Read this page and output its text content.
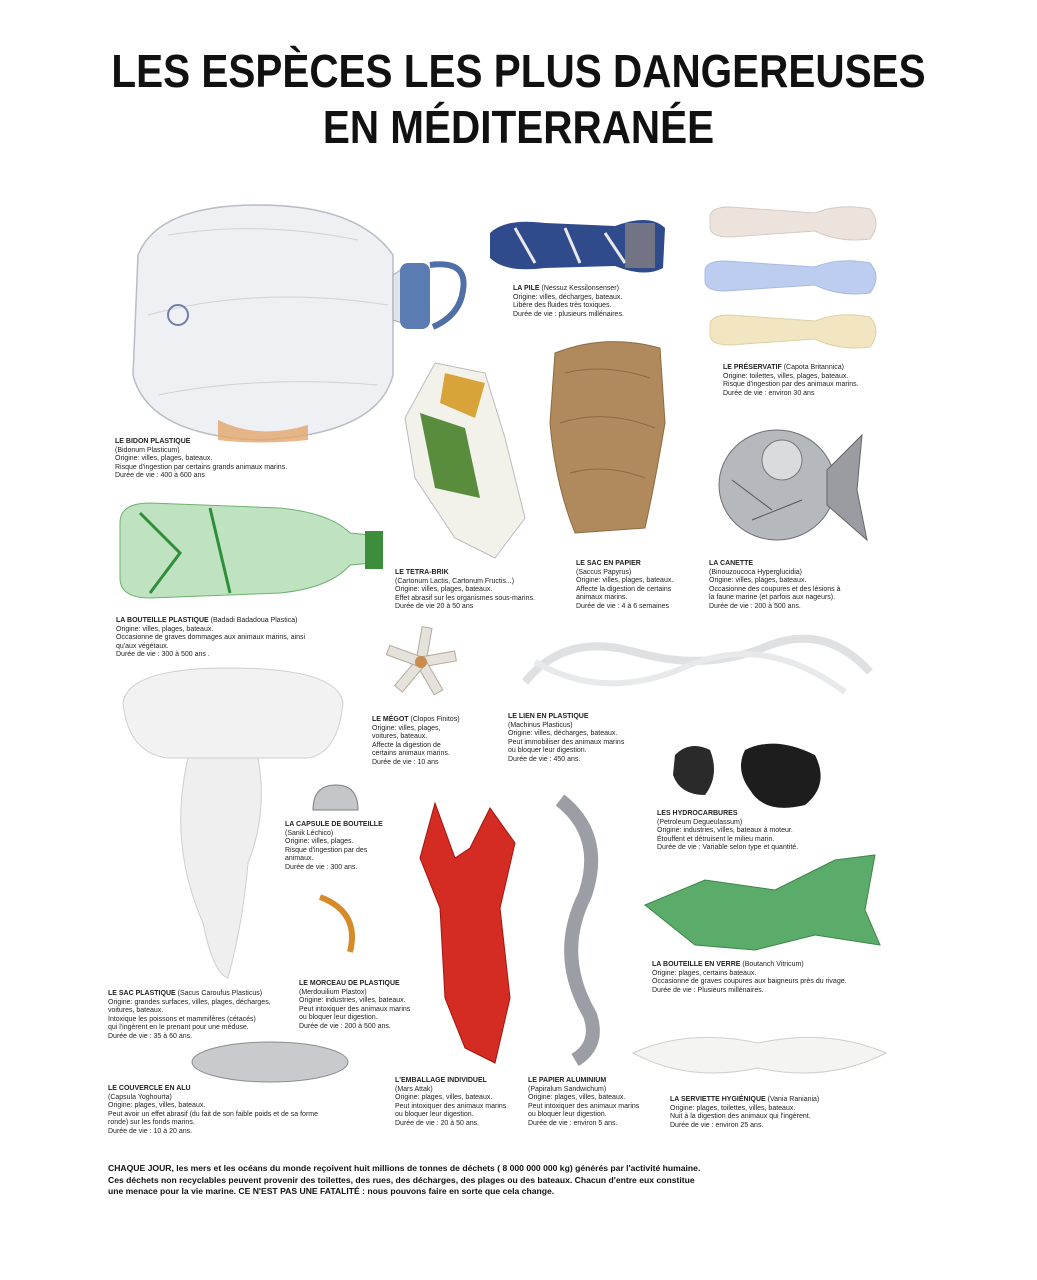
LES ESPÈCES LES PLUS DANGEREUSES
EN MÉDITERRANÉE
LE BIDON PLASTIQUE
(Bidonum Plasticum)
Origine: villes, plages, bateaux.
Risque d'ingestion par certains grands animaux marins.
Durée de vie : 400 à 600 ans
LA PILE (Nessuz Kessilonsenser)
Origine: villes, décharges, bateaux.
Libère des fluides très toxiques.
Durée de vie : plusieurs millénaires.
LE PRÉSERVATIF (Capota Britannica)
Origine: toilettes, villes, plages, bateaux.
Risque d'ingestion par des animaux marins.
Durée de vie : environ 30 ans
LA BOUTEILLE PLASTIQUE (Badadi Badadoua Plastica)
Origine: villes, plages, bateaux.
Occasionne de graves dommages aux animaux marins, ainsi
qu'aux végétaux.
Durée de vie : 300 à 500 ans .
LE TETRA-BRIK
(Cartonum Lactis, Cartonum Fructis...)
Origine: villes, plages, bateaux.
Effet abrasif sur les organismes sous-marins.
Durée de vie 20 à 50 ans
LE SAC EN PAPIER
(Saccus Papyrus)
Origine: villes, plages, bateaux.
Affecte la digestion de certains
animaux marins.
Durée de vie : 4 à 6 semaines
LA CANETTE
(Binouzoucoca Hyperglucidia)
Origine: villes, plages, bateaux.
Occasionne des coupures et des lésions à
la faune marine (et parfois aux nageurs).
Durée de vie : 200 à 500 ans.
LE MÉGOT (Clopos Finitos)
Origine: villes, plages,
voitures, bateaux.
Affecte la digestion de
certains animaux marins.
Durée de vie : 10 ans
LE LIEN EN PLASTIQUE
(Machinus Plasticus)
Origine: villes, décharges, bateaux.
Peut immobiliser des animaux marins
ou bloquer leur digestion.
Durée de vie : 450 ans.
LES HYDROCARBURES
(Petroleum Degueulassum)
Origine: industries, villes, bateaux à moteur.
Étouffent et détruisent le milieu marin.
Durée de vie : Variable selon type et quantité.
LA CAPSULE DE BOUTEILLE
(Sanik Léchico)
Origine: villes, plages.
Risque d'ingestion par des
animaux.
Durée de vie : 300 ans.
LE MORCEAU DE PLASTIQUE
(Merdouilium Plastox)
Origine: industries, villes, bateaux.
Peut intoxiquer des animaux marins
ou bloquer leur digestion.
Durée de vie : 200 à 500 ans.
LA BOUTEILLE EN VERRE (Boutanch Vitricum)
Origine: plages, certains bateaux.
Occasionne de graves coupures aux baigneurs près du rivage.
Durée de vie : Plusieurs millénaires.
LE SAC PLASTIQUE (Sacus Caroufus Plasticus)
Origine: grandes surfaces, villes, plages, décharges,
voitures, bateaux.
Intoxique les poissons et mammifères (cétacés)
qui l'ingèrent en le prenant pour une méduse.
Durée de vie : 35 à 60 ans.
LE COUVERCLE EN ALU
(Capsula Yoghourta)
Origine: plages, villes, bateaux.
Peut avoir un effet abrasif (du fait de son faible poids et de sa forme
ronde) sur les fonds marins.
Durée de vie : 10 à 20 ans.
L'EMBALLAGE INDIVIDUEL
(Mars Attak)
Origine: plages, villes, bateaux.
Peut intoxiquer des animaux marins
ou bloquer leur digestion.
Durée de vie : 20 à 50 ans.
LE PAPIER ALUMINIUM
(Papiralum Sandwichum)
Origine: plages, villes, bateaux.
Peut intoxiquer des animaux marins
ou bloquer leur digestion.
Durée de vie : environ 5 ans.
LA SERVIETTE HYGIÉNIQUE (Vania Raniania)
Origine: plages, toilettes, villes, bateaux.
Nuit à la digestion des animaux qui l'ingèrent.
Durée de vie : environ 25 ans.
CHAQUE JOUR, les mers et les océans du monde reçoivent huit millions de tonnes de déchets ( 8 000 000 000 kg) générés par l'activité humaine.
Ces déchets non recyclables peuvent provenir des toilettes, des rues, des décharges, des plages ou des bateaux. Chacun d'entre eux constitue
une menace pour la vie marine. CE N'EST PAS UNE FATALITÉ : nous pouvons faire en sorte que cela change.
